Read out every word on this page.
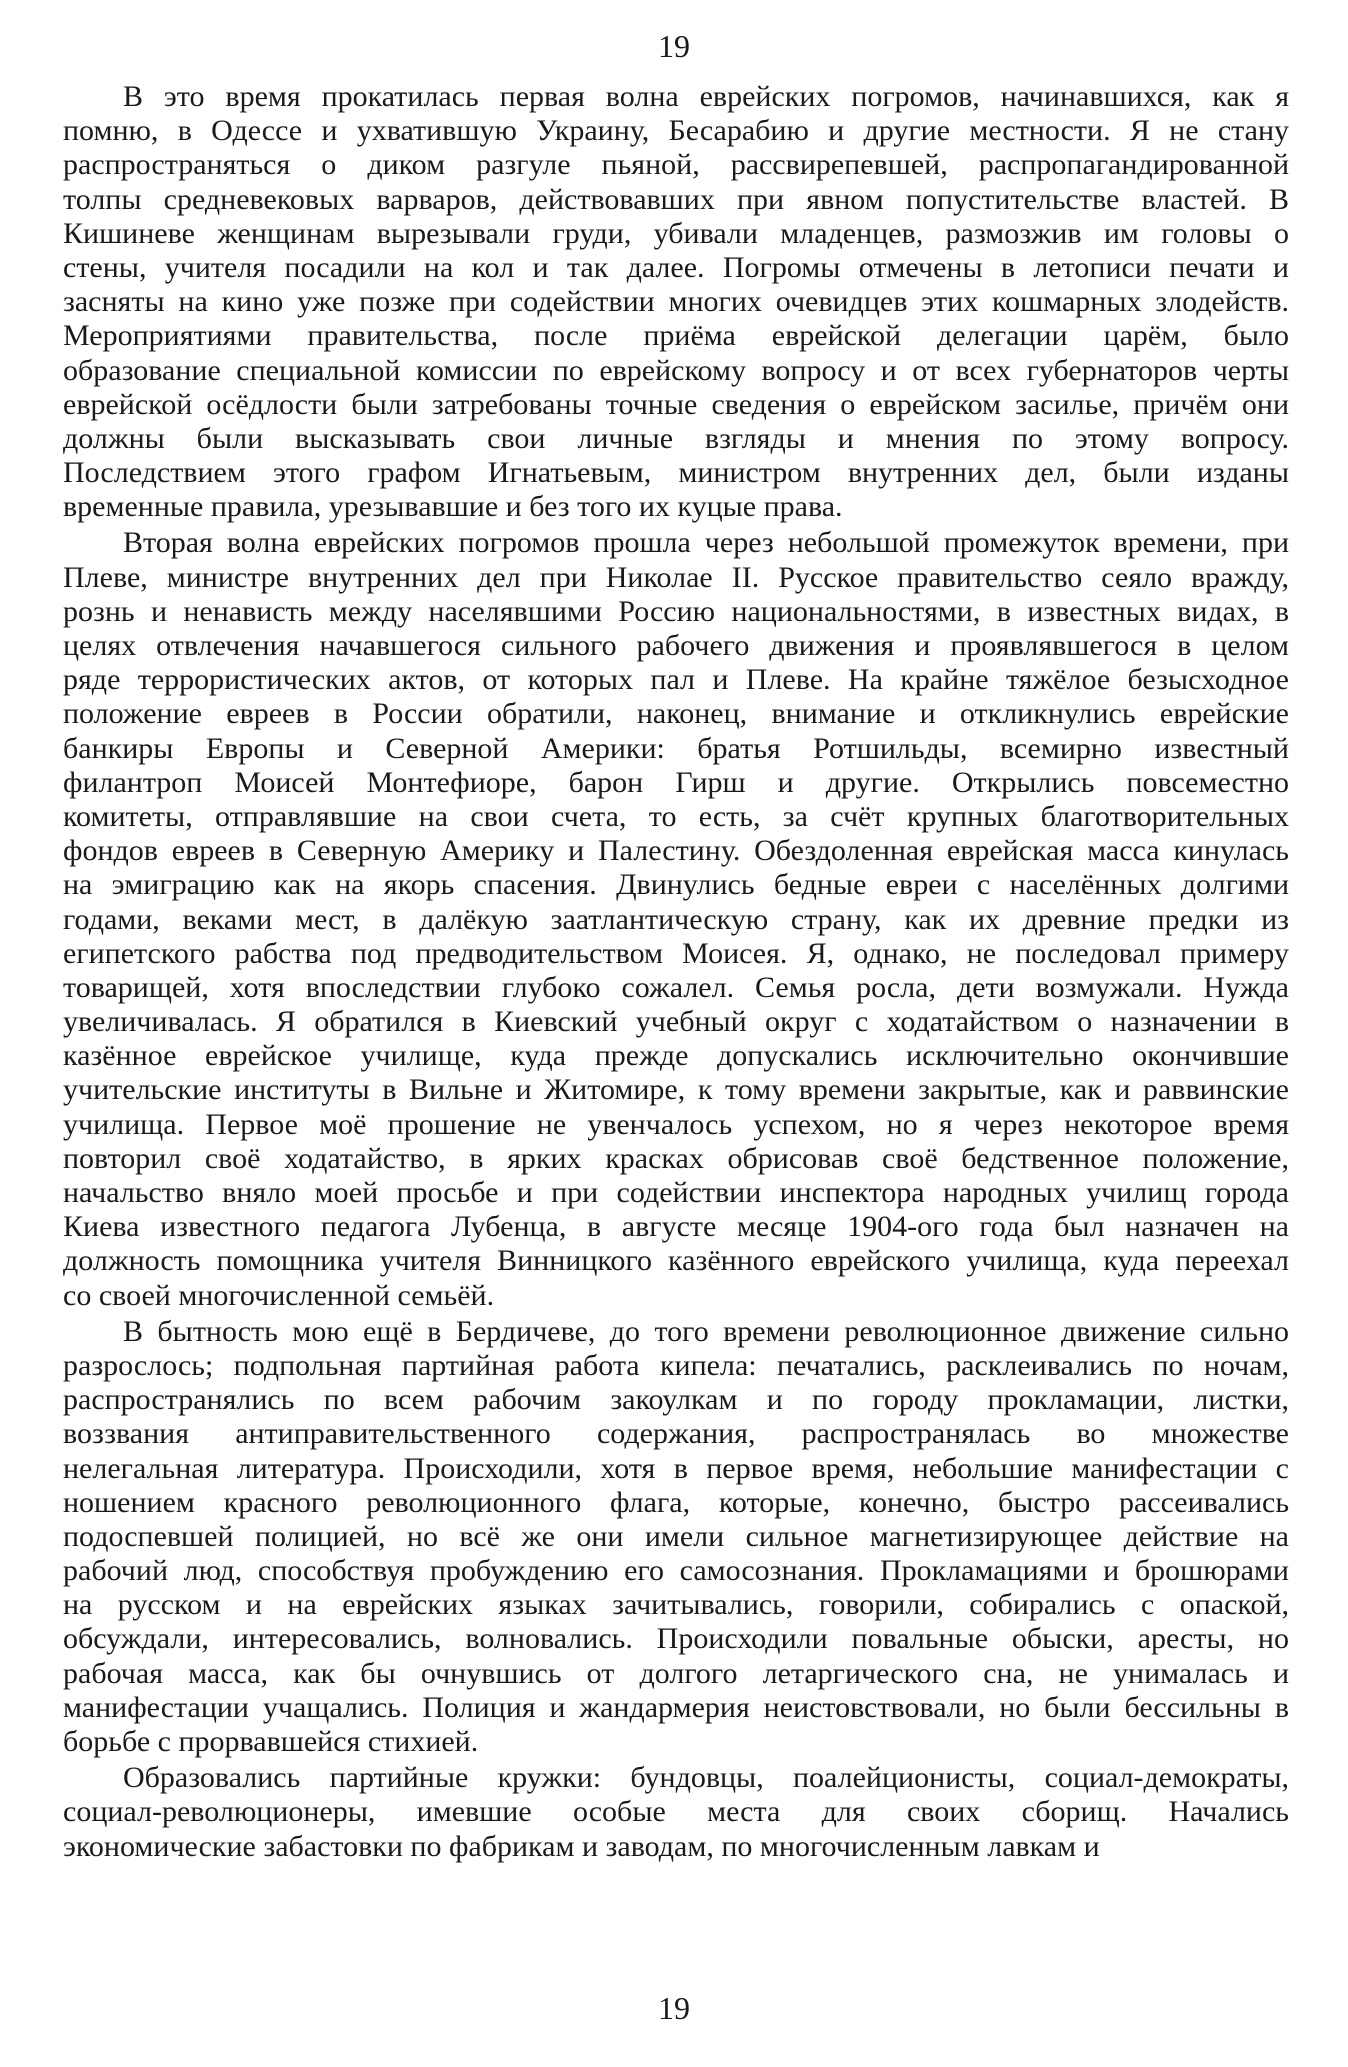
19
В это время прокатилась первая волна еврейских погромов, начинавшихся, как я
помню, в Одессе и ухватившую Украину, Бесарабию и другие местности. Я не стану
распространяться о диком разгуле пьяной, рассвирепевшей, распропагандированной
толпы средневековых варваров, действовавших при явном попустительстве властей. В
Кишиневе женщинам вырезывали груди, убивали младенцев, размозжив им головы о
стены, учителя посадили на кол и так далее. Погромы отмечены в летописи печати и
засняты на кино уже позже при содействии многих очевидцев этих кошмарных злодейств.
Мероприятиями правительства, после приёма еврейской делегации царём, было
образование специальной комиссии по еврейскому вопросу и от всех губернаторов черты
еврейской осёдлости были затребованы точные сведения о еврейском засилье, причём они
должны были высказывать свои личные взгляды и мнения по этому вопросу.
Последствием этого графом Игнатьевым, министром внутренних дел, были изданы
временные правила, урезывавшие и без того их куцые права.
Вторая волна еврейских погромов прошла через небольшой промежуток времени, при
Плеве, министре внутренних дел при Николае II. Русское правительство сеяло вражду,
рознь и ненависть между населявшими Россию национальностями, в известных видах, в
целях отвлечения начавшегося сильного рабочего движения и проявлявшегося в целом
ряде террористических актов, от которых пал и Плеве. На крайне тяжёлое безысходное
положение евреев в России обратили, наконец, внимание и откликнулись еврейские
банкиры Европы и Северной Америки: братья Ротшильды, всемирно известный
филантроп Моисей Монтефиоре, барон Гирш и другие. Открылись повсеместно
комитеты, отправлявшие на свои счета, то есть, за счёт крупных благотворительных
фондов евреев в Северную Америку и Палестину. Обездоленная еврейская масса кинулась
на эмиграцию как на якорь спасения. Двинулись бедные евреи с населённых долгими
годами, веками мест, в далёкую заатлантическую страну, как их древние предки из
египетского рабства под предводительством Моисея. Я, однако, не последовал примеру
товарищей, хотя впоследствии глубоко сожалел. Семья росла, дети возмужали. Нужда
увеличивалась. Я обратился в Киевский учебный округ с ходатайством о назначении в
казённое еврейское училище, куда прежде допускались исключительно окончившие
учительские институты в Вильне и Житомире, к тому времени закрытые, как и раввинские
училища. Первое моё прошение не увенчалось успехом, но я через некоторое время
повторил своё ходатайство, в ярких красках обрисовав своё бедственное положение,
начальство вняло моей просьбе и при содействии инспектора народных училищ города
Киева известного педагога Лубенца, в августе месяце 1904-ого года был назначен на
должность помощника учителя Винницкого казённого еврейского училища, куда переехал
со своей многочисленной семьёй.
В бытность мою ещё в Бердичеве, до того времени революционное движение сильно
разрослось; подпольная партийная работа кипела: печатались, расклеивались по ночам,
распространялись по всем рабочим закоулкам и по городу прокламации, листки,
воззвания антиправительственного содержания, распространялась во множестве
нелегальная литература. Происходили, хотя в первое время, небольшие манифестации с
ношением красного революционного флага, которые, конечно, быстро рассеивались
подоспевшей полицией, но всё же они имели сильное магнетизирующее действие на
рабочий люд, способствуя пробуждению его самосознания. Прокламациями и брошюрами
на русском и на еврейских языках зачитывались, говорили, собирались с опаской,
обсуждали, интересовались, волновались. Происходили повальные обыски, аресты, но
рабочая масса, как бы очнувшись от долгого летаргического сна, не унималась и
манифестации учащались. Полиция и жандармерия неистовствовали, но были бессильны в
борьбе с прорвавшейся стихией.
Образовались партийные кружки: бундовцы, поалейционисты, социал-демократы,
социал-революционеры, имевшие особые места для своих сборищ. Начались
экономические забастовки по фабрикам и заводам, по многочисленным лавкам и
19
